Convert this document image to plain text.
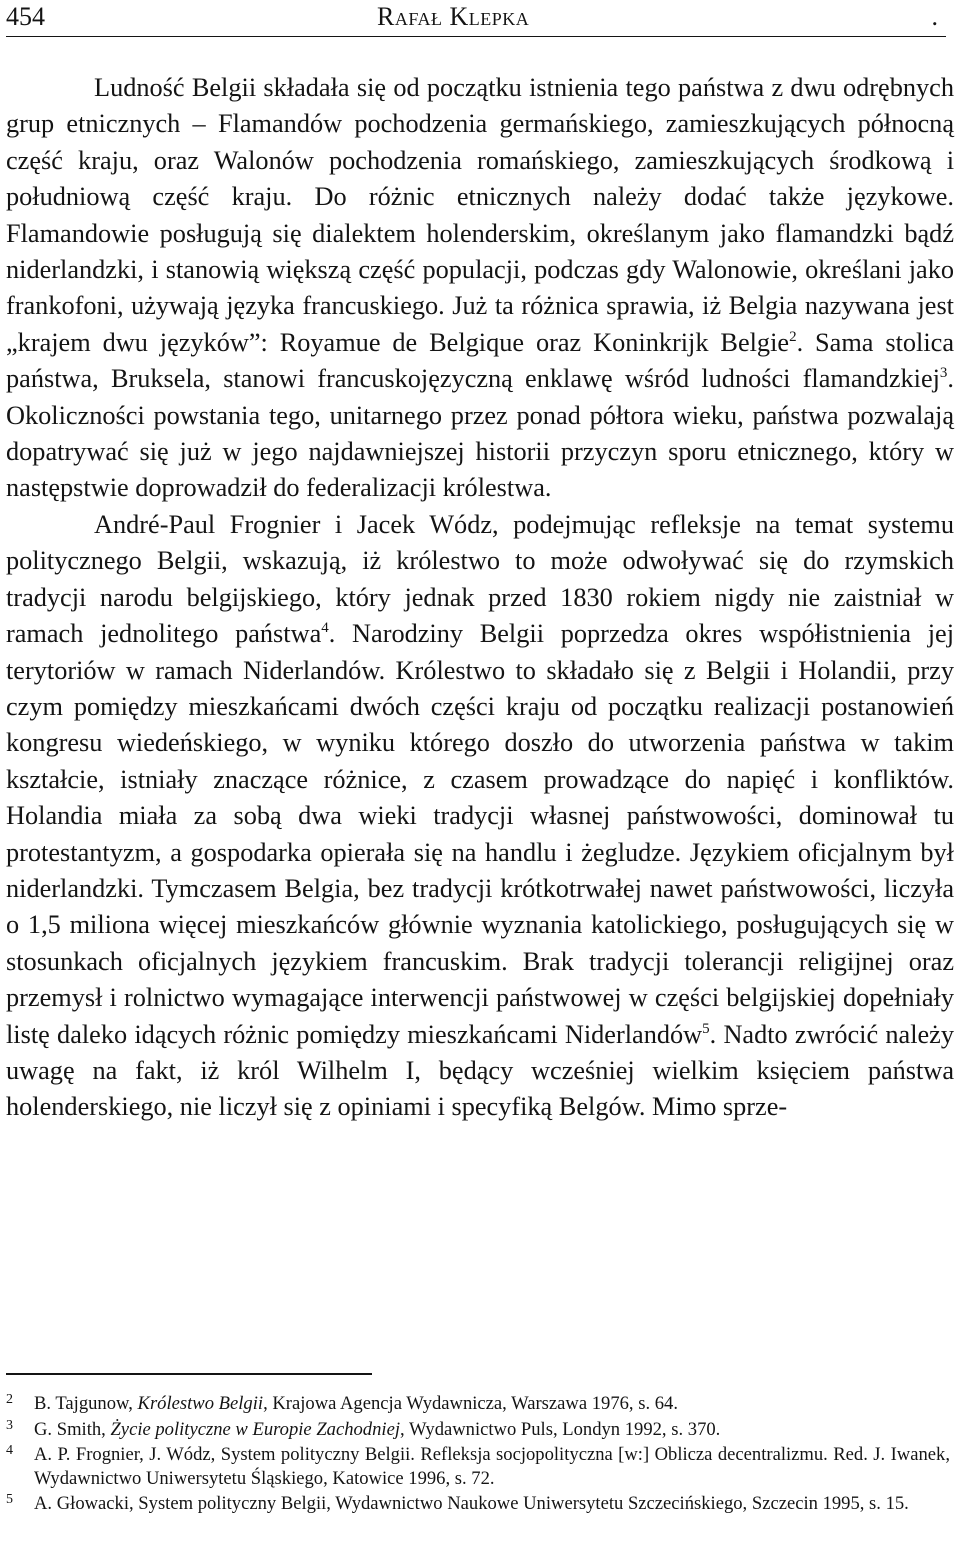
454	Rafał Klepka	.

Ludność Belgii składała się od początku istnienia tego państwa z dwu odrębnych grup etnicznych – Flamandów pochodzenia germańskiego, zamieszkujących północną część kraju, oraz Walonów pochodzenia romańskiego, zamieszkujących środkową i południową część kraju. Do różnic etnicznych należy dodać także językowe. Flamandowie posługują się dialektem holenderskim, określanym jako flamandzki bądź niderlandzki, i stanowią większą część populacji, podczas gdy Walonowie, określani jako frankofoni, używają języka francuskiego. Już ta różnica sprawia, iż Belgia nazywana jest „krajem dwu języków”: Royamue de Belgique oraz Koninkrijk Belgie$^2$. Sama stolica państwa, Bruksela, stanowi francuskojęzyczną enklawę wśród ludności flamandzkiej$^3$. Okoliczności powstania tego, unitarnego przez ponad półtora wieku, państwa pozwalają dopatrywać się już w jego najdawniejszej historii przyczyn sporu etnicznego, który w następstwie doprowadził do federalizacji królestwa.

André-Paul Frognier i Jacek Wódz, podejmując refleksje na temat systemu politycznego Belgii, wskazują, iż królestwo to może odwoływać się do rzymskich tradycji narodu belgijskiego, który jednak przed 1830 rokiem nigdy nie zaistniał w ramach jednolitego państwa$^4$. Narodziny Belgii poprzedza okres współistnienia jej terytoriów w ramach Niderlandów. Królestwo to składało się z Belgii i Holandii, przy czym pomiędzy mieszkańcami dwóch części kraju od początku realizacji postanowień kongresu wiedeńskiego, w wyniku którego doszło do utworzenia państwa w takim kształcie, istniały znaczące różnice, z czasem prowadzące do napięć i konfliktów. Holandia miała za sobą dwa wieki tradycji własnej państwowości, dominował tu protestantyzm, a gospodarka opierała się na handlu i żegludze. Językiem oficjalnym był niderlandzki. Tymczasem Belgia, bez tradycji krótkotrwałej nawet państwowości, liczyła o 1,5 miliona więcej mieszkańców głównie wyznania katolickiego, posługujących się w stosunkach oficjalnych językiem francuskim. Brak tradycji tolerancji religijnej oraz przemysł i rolnictwo wymagające interwencji państwowej w części belgijskiej dopełniały listę daleko idących różnic pomiędzy mieszkańcami Niderlandów$^5$. Nadto zwrócić należy uwagę na fakt, iż król Wilhelm I, będący wcześniej wielkim księciem państwa holenderskiego, nie liczył się z opiniami i specyfiką Belgów. Mimo sprze-

2 B. Tajgunow, Królestwo Belgii, Krajowa Agencja Wydawnicza, Warszawa 1976, s. 64.

3 G. Smith, Życie polityczne w Europie Zachodniej, Wydawnictwo Puls, Londyn 1992, s. 370.

4 A. P. Frognier, J. Wódz, System polityczny Belgii. Refleksja socjopolityczna [w:] Oblicza decentralizmu. Red. J. Iwanek, Wydawnictwo Uniwersytetu Śląskiego, Katowice 1996, s. 72.

5 A. Głowacki, System polityczny Belgii, Wydawnictwo Naukowe Uniwersytetu Szczecińskiego, Szczecin 1995, s. 15.
